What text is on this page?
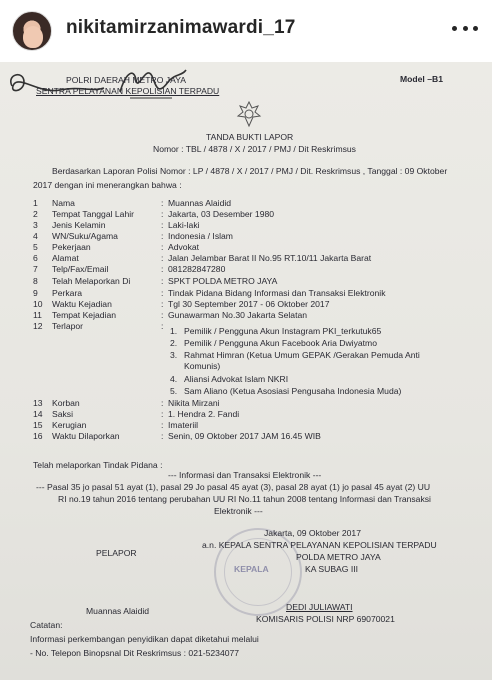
nikitamirzanimawardi_17
POLRI DAERAH METRO JAYA
SENTRA PELAYANAN KEPOLISIAN TERPADU
Model –B1
TANDA BUKTI LAPOR
Nomor : TBL / 4878 / X / 2017 / PMJ / Dit Reskrimsus
Berdasarkan Laporan Polisi Nomor : LP / 4878 / X / 2017 / PMJ / Dit. Reskrimsus , Tanggal : 09 Oktober
2017 dengan ini menerangkan bahwa :
1 Nama	: Muannas Alaidid
2 Tempat Tanggal Lahir	: Jakarta, 03 Desember 1980
3 Jenis Kelamin	: Laki-laki
4 WN/Suku/Agama	: Indonesia / Islam
5 Pekerjaan	: Advokat
6 Alamat	: Jalan Jelambar Barat II No.95 RT.10/11 Jakarta Barat
7 Telp/Fax/Email	: 081282847280
8 Telah Melaporkan Di	: SPKT POLDA METRO JAYA
9 Perkara	: Tindak Pidana Bidang Informasi dan Transaksi Elektronik
10 Waktu Kejadian	: Tgl 30 September 2017 - 06 Oktober 2017
11 Tempat Kejadian	: Gunawarman No.30 Jakarta Selatan
12 Terlapor	: 1. Pemilik / Pengguna Akun Instagram PKI_terkutuk65
2. Pemilik / Pengguna Akun Facebook Aria Dwiyatmo
3. Rahmat Himran (Ketua Umum GEPAK /Gerakan Pemuda Anti
Komunis)
4. Aliansi Advokat Islam NKRI
5. Sam Aliano (Ketua Asosiasi Pengusaha Indonesia Muda)
13 Korban	: Nikita Mirzani
14 Saksi	: 1. Hendra 2. Fandi
15 Kerugian	: Imateriil
16 Waktu Dilaporkan	: Senin, 09 Oktober 2017 JAM 16.45 WIB
Telah melaporkan Tindak Pidana :
--- Informasi dan Transaksi Elektronik ---
--- Pasal 35 jo pasal 51 ayat (1), pasal 29 Jo pasal 45 ayat (3), pasal 28 ayat (1) jo pasal 45 ayat (2) UU
RI no.19 tahun 2016 tentang perubahan UU RI No.11 tahun 2008 tentang Informasi dan Transaksi
Elektronik ---
KEPALA
Jakarta, 09 Oktober 2017
a.n. KEPALA SENTRA PELAYANAN KEPOLISIAN TERPADU
POLDA METRO JAYA
KA SUBAG III
PELAPOR

Muannas Alaidid	DEDI JULIAWATI
KOMISARIS POLISI NRP 69070021
Catatan:
Informasi perkembangan penyidikan dapat diketahui melalui
- No. Telepon Binopsnal Dit Reskrimsus : 021-5234077
